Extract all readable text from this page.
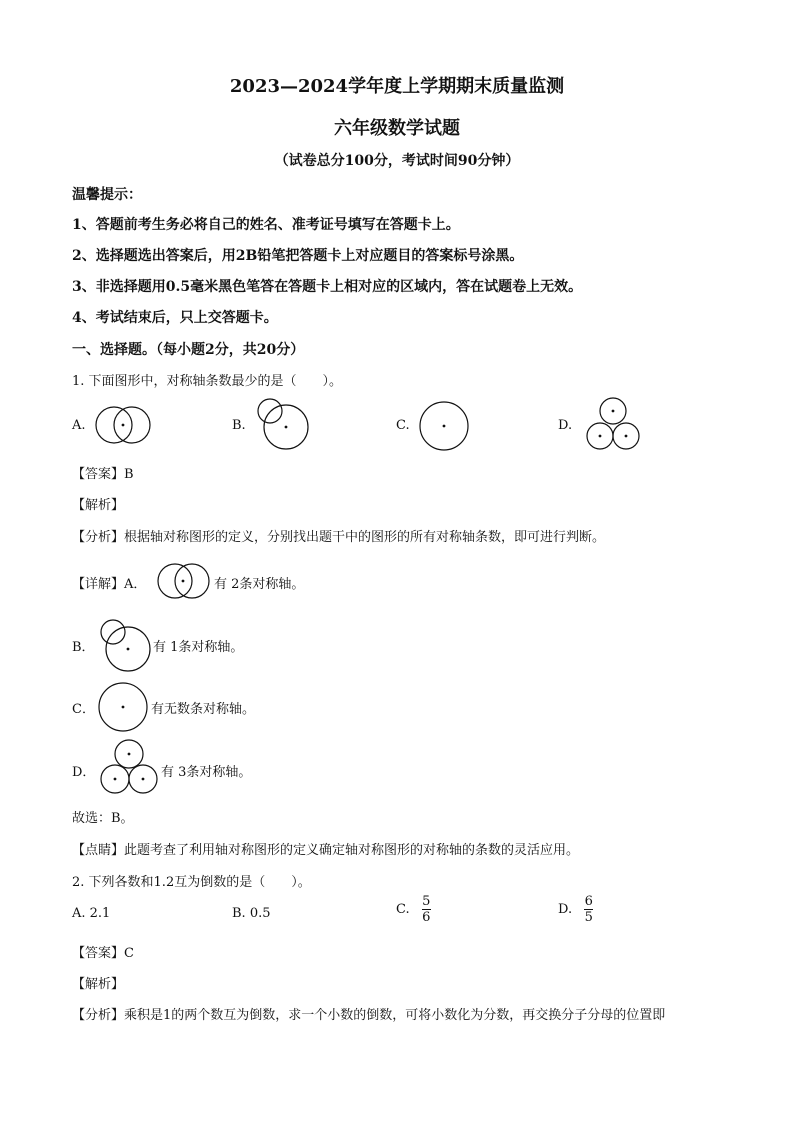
2023—2024学年度上学期期末质量监测
六年级数学试题
（试卷总分100分，考试时间90分钟）
温馨提示：
1、答题前考生务必将自己的姓名、准考证号填写在答题卡上。
2、选择题选出答案后，用2B铅笔把答题卡上对应题目的答案标号涂黑。
3、非选择题用0.5毫米黑色笔答在答题卡上相对应的区域内，答在试题卷上无效。
4、考试结束后，只上交答题卡。
一、选择题。（每小题2分，共20分）
1. 下面图形中，对称轴条数最少的是（　　）。
A.	B.	C.	D.
【答案】B
【解析】
【分析】根据轴对称图形的定义，分别找出题干中的图形的所有对称轴条数，即可进行判断。
【详解】A．	有 2条对称轴。
B．	有 1条对称轴。
C．	有无数条对称轴。
D．	有 3条对称轴。
故选：B。
【点睛】此题考查了利用轴对称图形的定义确定轴对称图形的对称轴的条数的灵活应用。
2. 下列各数和1.2互为倒数的是（　　）。
A. 2.1	B. 0.5	C. $\frac{5}{6}$	D. $\frac{6}{5}$
【答案】C
【解析】
【分析】乘积是1的两个数互为倒数，求一个小数的倒数，可将小数化为分数，再交换分子分母的位置即
